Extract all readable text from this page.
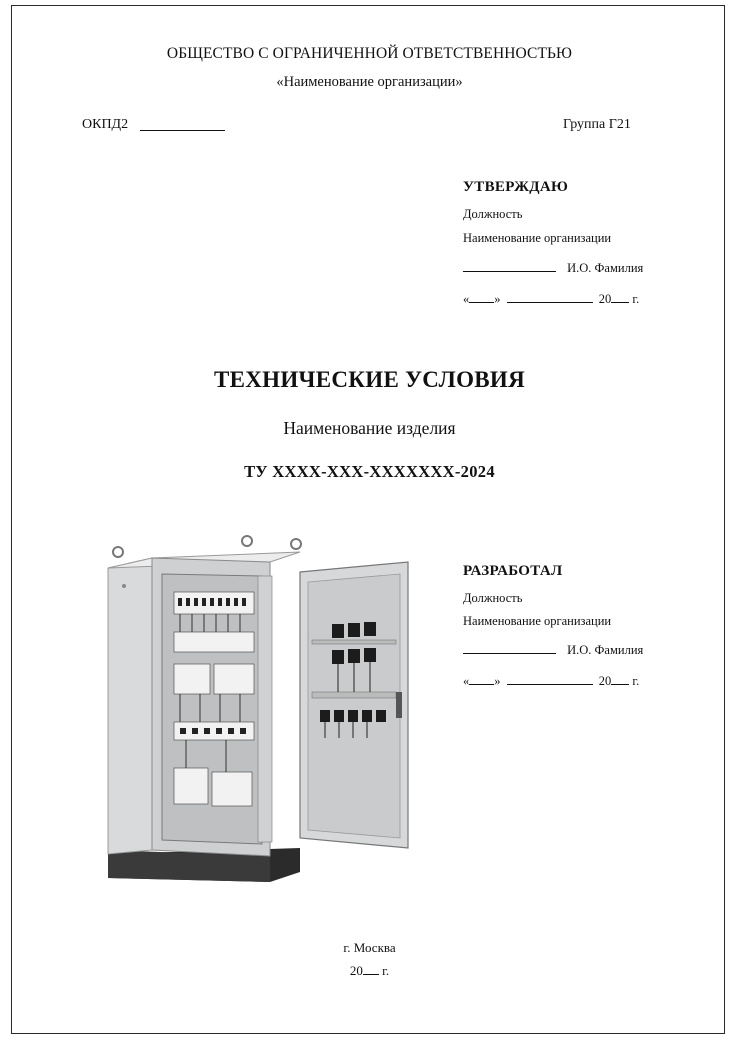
ОБЩЕСТВО С ОГРАНИЧЕННОЙ ОТВЕТСТВЕННОСТЬЮ
«Наименование организации»
ОКПД2	Группа Г21
УТВЕРЖДАЮ
Должность
Наименование организации
И.О. Фамилия
« »	20 г.
ТЕХНИЧЕСКИЕ УСЛОВИЯ
Наименование изделия
ТУ XXXX-XXX-XXXXXXX-2024
РАЗРАБОТАЛ
Должность
Наименование организации
И.О. Фамилия
« »	20 г.
г. Москва
20 г.
